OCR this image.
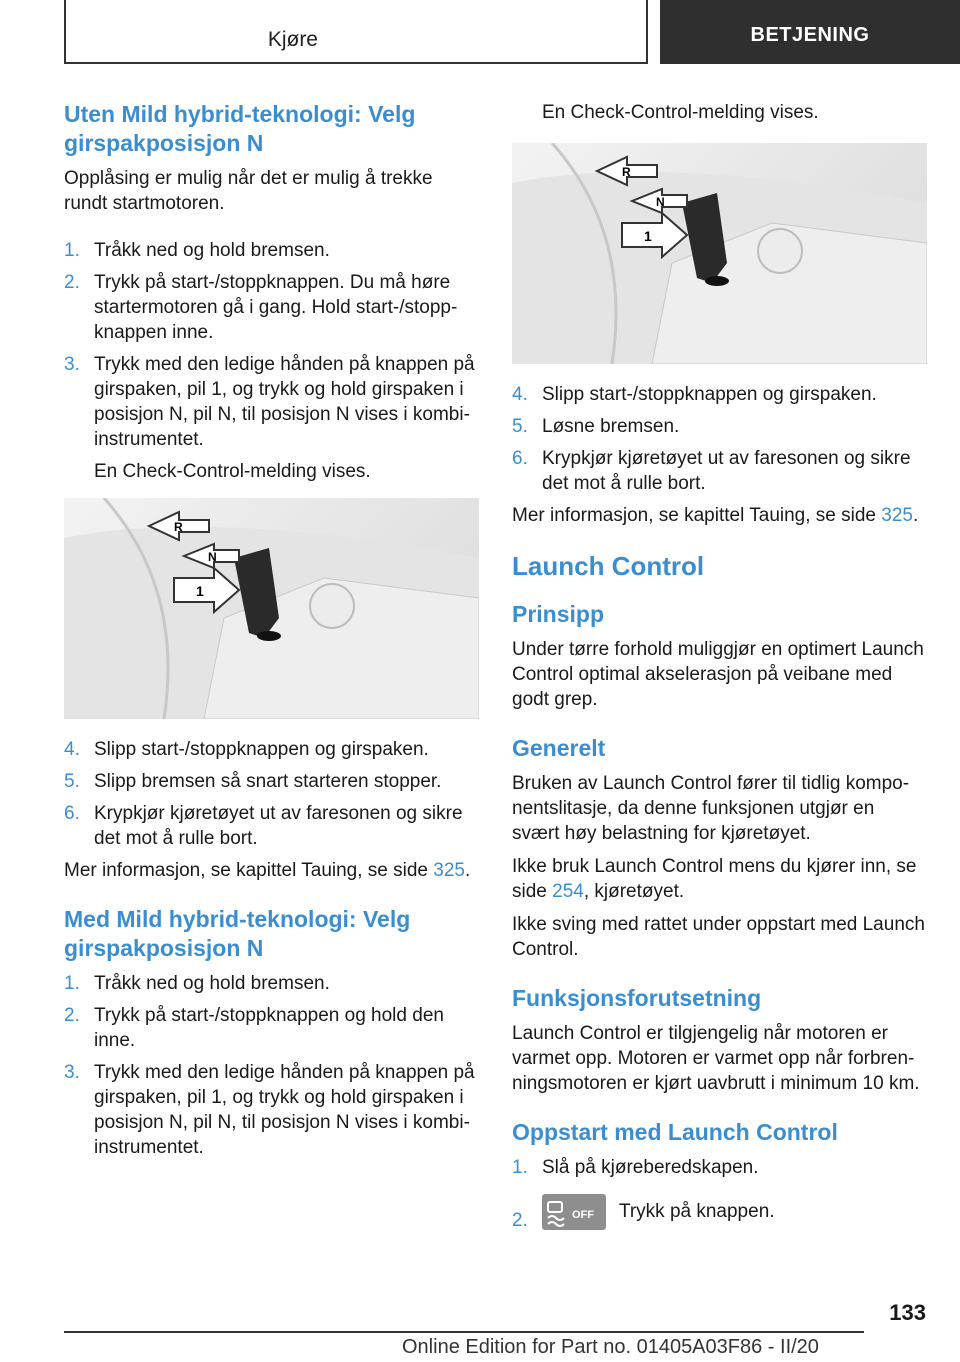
Kjøre	BETJENING
Uten Mild hybrid-teknologi: Velg girspakposisjon N

Opplåsing er mulig når det er mulig å trekke rundt startmotoren.

1. Tråkk ned og hold bremsen.
2. Trykk på start-/stoppknappen. Du må høre startermotoren gå i gang. Hold start-/stopp-knappen inne.
3. Trykk med den ledige hånden på knappen på girspaken, pil 1, og trykk og hold girspaken i posisjon N, pil N, til posisjon N vises i kombi-instrumentet.

En Check-Control-melding vises.

R
N
1
4. Slipp start-/stoppknappen og girspaken.
5. Slipp bremsen så snart starteren stopper.
6. Krypkjør kjøretøyet ut av faresonen og sikre det mot å rulle bort.

Mer informasjon, se kapittel Tauing, se side 325.

Med Mild hybrid-teknologi: Velg girspakposisjon N
1. Tråkk ned og hold bremsen.
2. Trykk på start-/stoppknappen og hold den inne.
3. Trykk med den ledige hånden på knappen på girspaken, pil 1, og trykk og hold girspaken i posisjon N, pil N, til posisjon N vises i kombi-instrumentet.

En Check-Control-melding vises.

R
N
1
4. Slipp start-/stoppknappen og girspaken.
5. Løsne bremsen.
6. Krypkjør kjøretøyet ut av faresonen og sikre det mot å rulle bort.

Mer informasjon, se kapittel Tauing, se side 325.

Launch Control
Prinsipp

Under tørre forhold muliggjør en optimert Launch Control optimal akselerasjon på veibane med godt grep.

Generelt

Bruken av Launch Control fører til tidlig kompo-nentslitasje, da denne funksjonen utgjør en svært høy belastning for kjøretøyet.

Ikke bruk Launch Control mens du kjører inn, se side 254, kjøretøyet.

Ikke sving med rattet under oppstart med Launch Control.

Funksjonsforutsetning

Launch Control er tilgjengelig når motoren er varmet opp. Motoren er varmet opp når forbren-ningsmotoren er kjørt uavbrutt i minimum 10 km.

Oppstart med Launch Control
1. Slå på kjøreberedskapen.
2.	OFF Trykk på knappen.
133
Online Edition for Part no. 01405A03F86 - II/20
